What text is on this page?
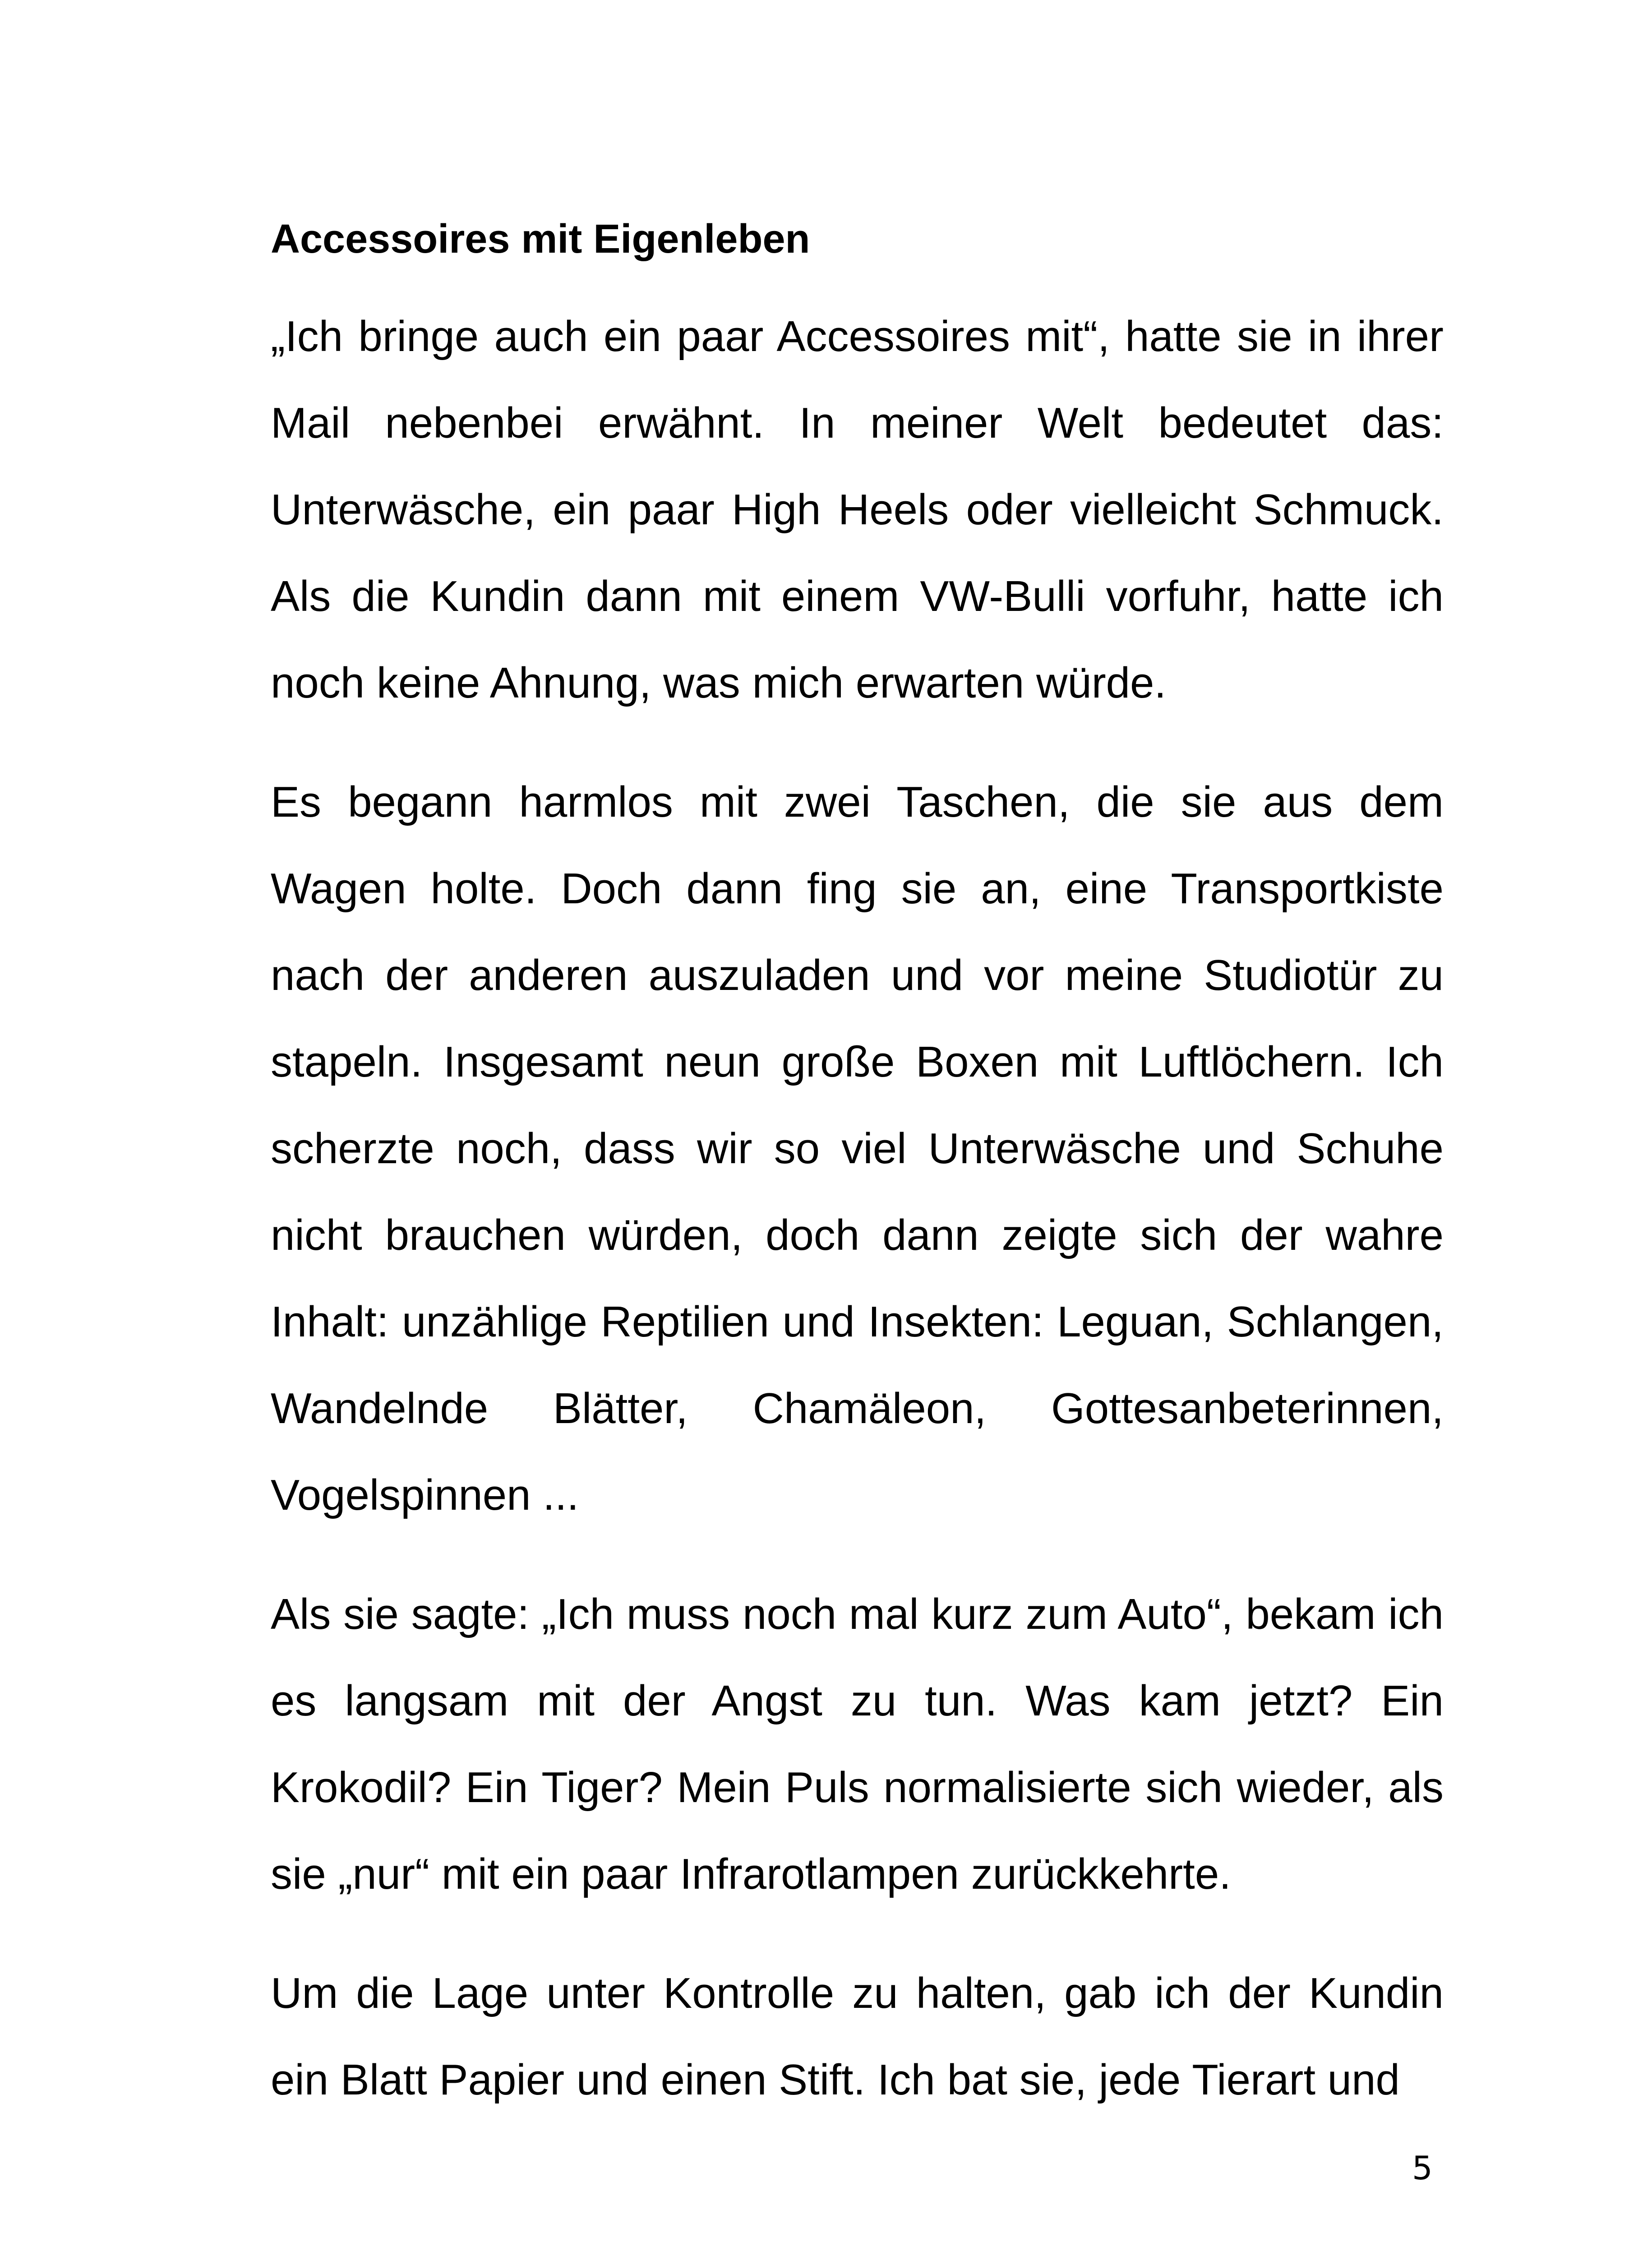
Accessoires mit Eigenleben

„Ich bringe auch ein paar Accessoires mit“, hatte sie in ihrer Mail nebenbei erwähnt. In meiner Welt bedeutet das: Unterwäsche, ein paar High Heels oder vielleicht Schmuck. Als die Kundin dann mit einem VW-Bulli vorfuhr, hatte ich noch keine Ahnung, was mich erwarten würde.

Es begann harmlos mit zwei Taschen, die sie aus dem Wagen holte. Doch dann fing sie an, eine Transportkiste nach der anderen auszuladen und vor meine Studiotür zu stapeln. Insgesamt neun große Boxen mit Luftlöchern. Ich scherzte noch, dass wir so viel Unterwäsche und Schuhe nicht brauchen würden, doch dann zeigte sich der wahre Inhalt: unzählige Reptilien und Insekten: Leguan, Schlangen, Wandelnde Blätter, Chamäleon, Gottesanbeterinnen, Vogelspinnen ...

Als sie sagte: „Ich muss noch mal kurz zum Auto“, bekam ich es langsam mit der Angst zu tun. Was kam jetzt? Ein Krokodil? Ein Tiger? Mein Puls normalisierte sich wieder, als sie „nur“ mit ein paar Infrarotlampen zurückkehrte.

Um die Lage unter Kontrolle zu halten, gab ich der Kundin ein Blatt Papier und einen Stift. Ich bat sie, jede Tierart und

5
